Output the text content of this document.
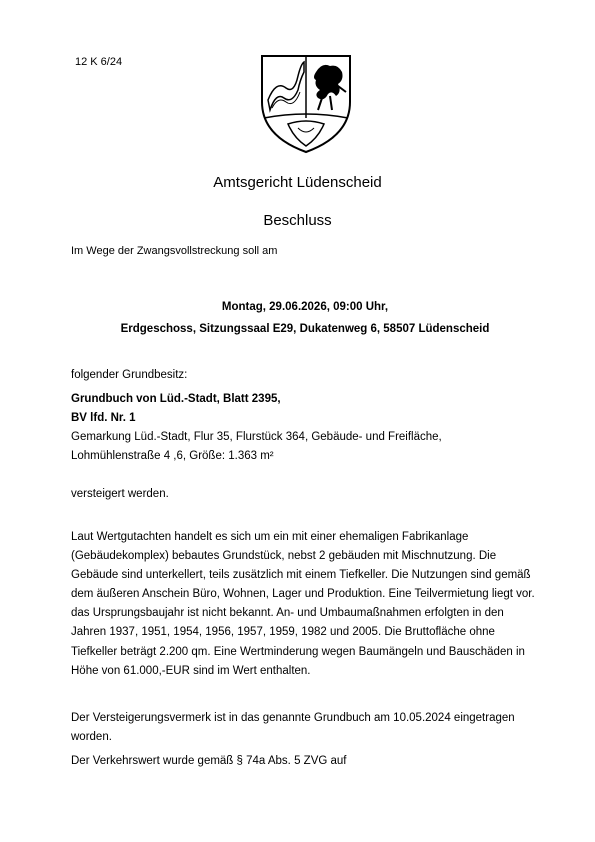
12 K 6/24
Amtsgericht Lüdenscheid
Beschluss
Im Wege der Zwangsvollstreckung soll am
Montag, 29.06.2026, 09:00 Uhr,
Erdgeschoss, Sitzungssaal E29, Dukatenweg 6, 58507 Lüdenscheid
folgender Grundbesitz:
Grundbuch von Lüd.-Stadt, Blatt 2395,
BV lfd. Nr. 1
Gemarkung Lüd.-Stadt, Flur 35, Flurstück 364, Gebäude- und Freifläche,
Lohmühlenstraße 4 ,6, Größe: 1.363 m²
versteigert werden.
Laut Wertgutachten handelt es sich um ein mit einer ehemaligen Fabrikanlage (Gebäudekomplex) bebautes Grundstück, nebst 2 gebäuden mit Mischnutzung. Die Gebäude sind unterkellert, teils zusätzlich mit einem Tiefkeller. Die Nutzungen sind gemäß dem äußeren Anschein Büro, Wohnen, Lager und Produktion. Eine Teilvermietung liegt vor. das Ursprungsbaujahr ist nicht bekannt. An- und Umbaumaßnahmen erfolgten in den Jahren 1937, 1951, 1954, 1956, 1957, 1959, 1982 und 2005. Die Bruttofläche ohne Tiefkeller beträgt 2.200 qm. Eine Wertminderung wegen Baumängeln und Bauschäden in Höhe von 61.000,-EUR sind im Wert enthalten.
Der Versteigerungsvermerk ist in das genannte Grundbuch am 10.05.2024 eingetragen worden.
Der Verkehrswert wurde gemäß § 74a Abs. 5 ZVG auf
